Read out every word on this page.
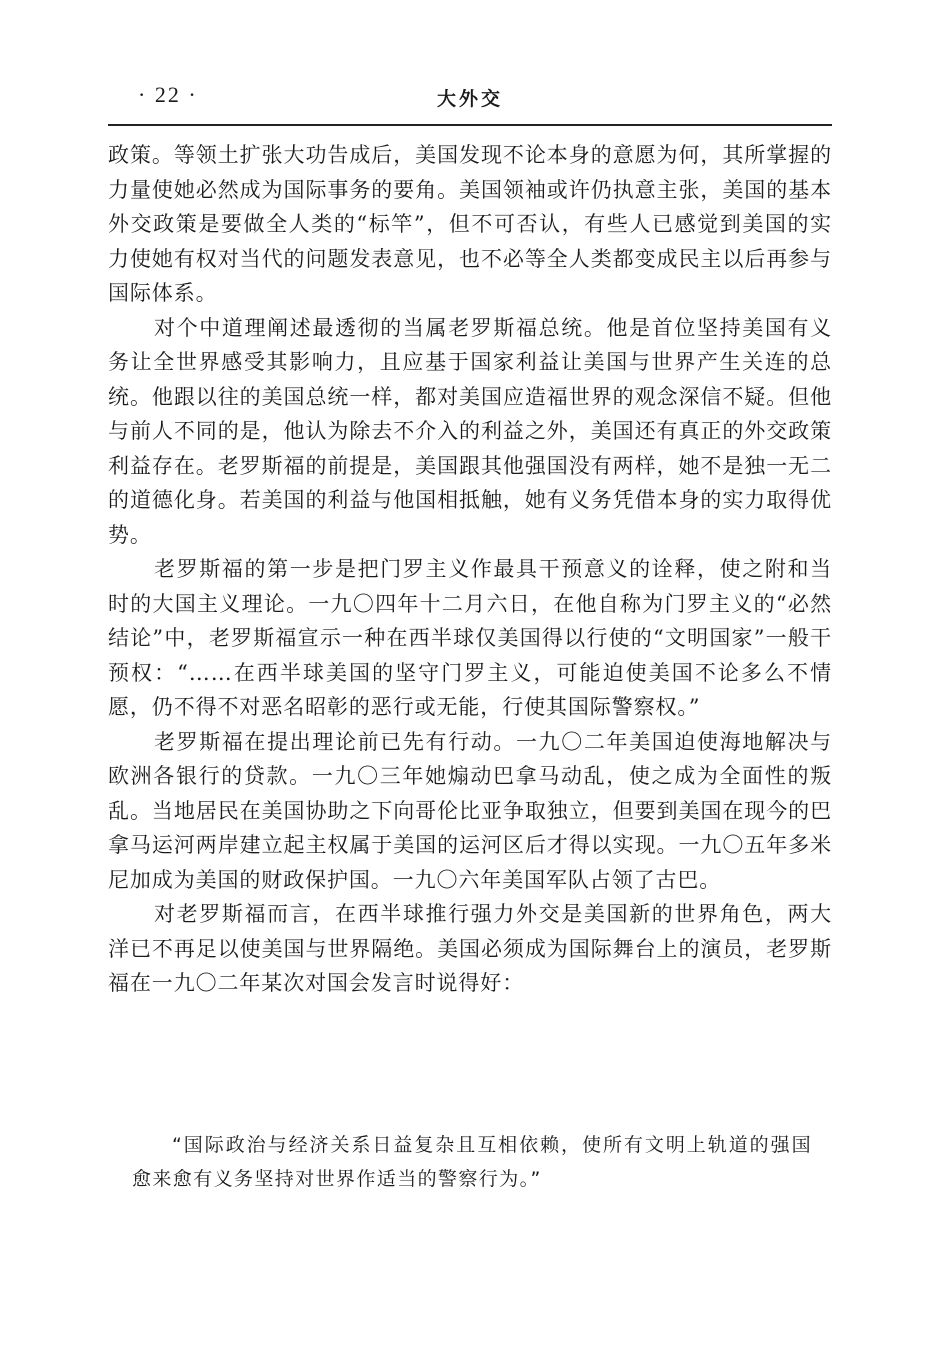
· 22 ·	大外交

政策。等领土扩张大功告成后，美国发现不论本身的意愿为何，其所掌握的力量使她必然成为国际事务的要角。美国领袖或许仍执意主张，美国的基本外交政策是要做全人类的“标竿”，但不可否认，有些人已感觉到美国的实力使她有权对当代的问题发表意见，也不必等全人类都变成民主以后再参与国际体系。

对个中道理阐述最透彻的当属老罗斯福总统。他是首位坚持美国有义务让全世界感受其影响力，且应基于国家利益让美国与世界产生关连的总统。他跟以往的美国总统一样，都对美国应造福世界的观念深信不疑。但他与前人不同的是，他认为除去不介入的利益之外，美国还有真正的外交政策利益存在。老罗斯福的前提是，美国跟其他强国没有两样，她不是独一无二的道德化身。若美国的利益与他国相抵触，她有义务凭借本身的实力取得优势。

老罗斯福的第一步是把门罗主义作最具干预意义的诠释，使之附和当时的大国主义理论。一九〇四年十二月六日，在他自称为门罗主义的“必然结论”中，老罗斯福宣示一种在西半球仅美国得以行使的“文明国家”一般干预权：“……在西半球美国的坚守门罗主义，可能迫使美国不论多么不情愿，仍不得不对恶名昭彰的恶行或无能，行使其国际警察权。”

老罗斯福在提出理论前已先有行动。一九〇二年美国迫使海地解决与欧洲各银行的贷款。一九〇三年她煽动巴拿马动乱，使之成为全面性的叛乱。当地居民在美国协助之下向哥伦比亚争取独立，但要到美国在现今的巴拿马运河两岸建立起主权属于美国的运河区后才得以实现。一九〇五年多米尼加成为美国的财政保护国。一九〇六年美国军队占领了古巴。

对老罗斯福而言，在西半球推行强力外交是美国新的世界角色，两大洋已不再足以使美国与世界隔绝。美国必须成为国际舞台上的演员，老罗斯福在一九〇二年某次对国会发言时说得好：

“国际政治与经济关系日益复杂且互相依赖，使所有文明上轨道的强国愈来愈有义务坚持对世界作适当的警察行为。”
